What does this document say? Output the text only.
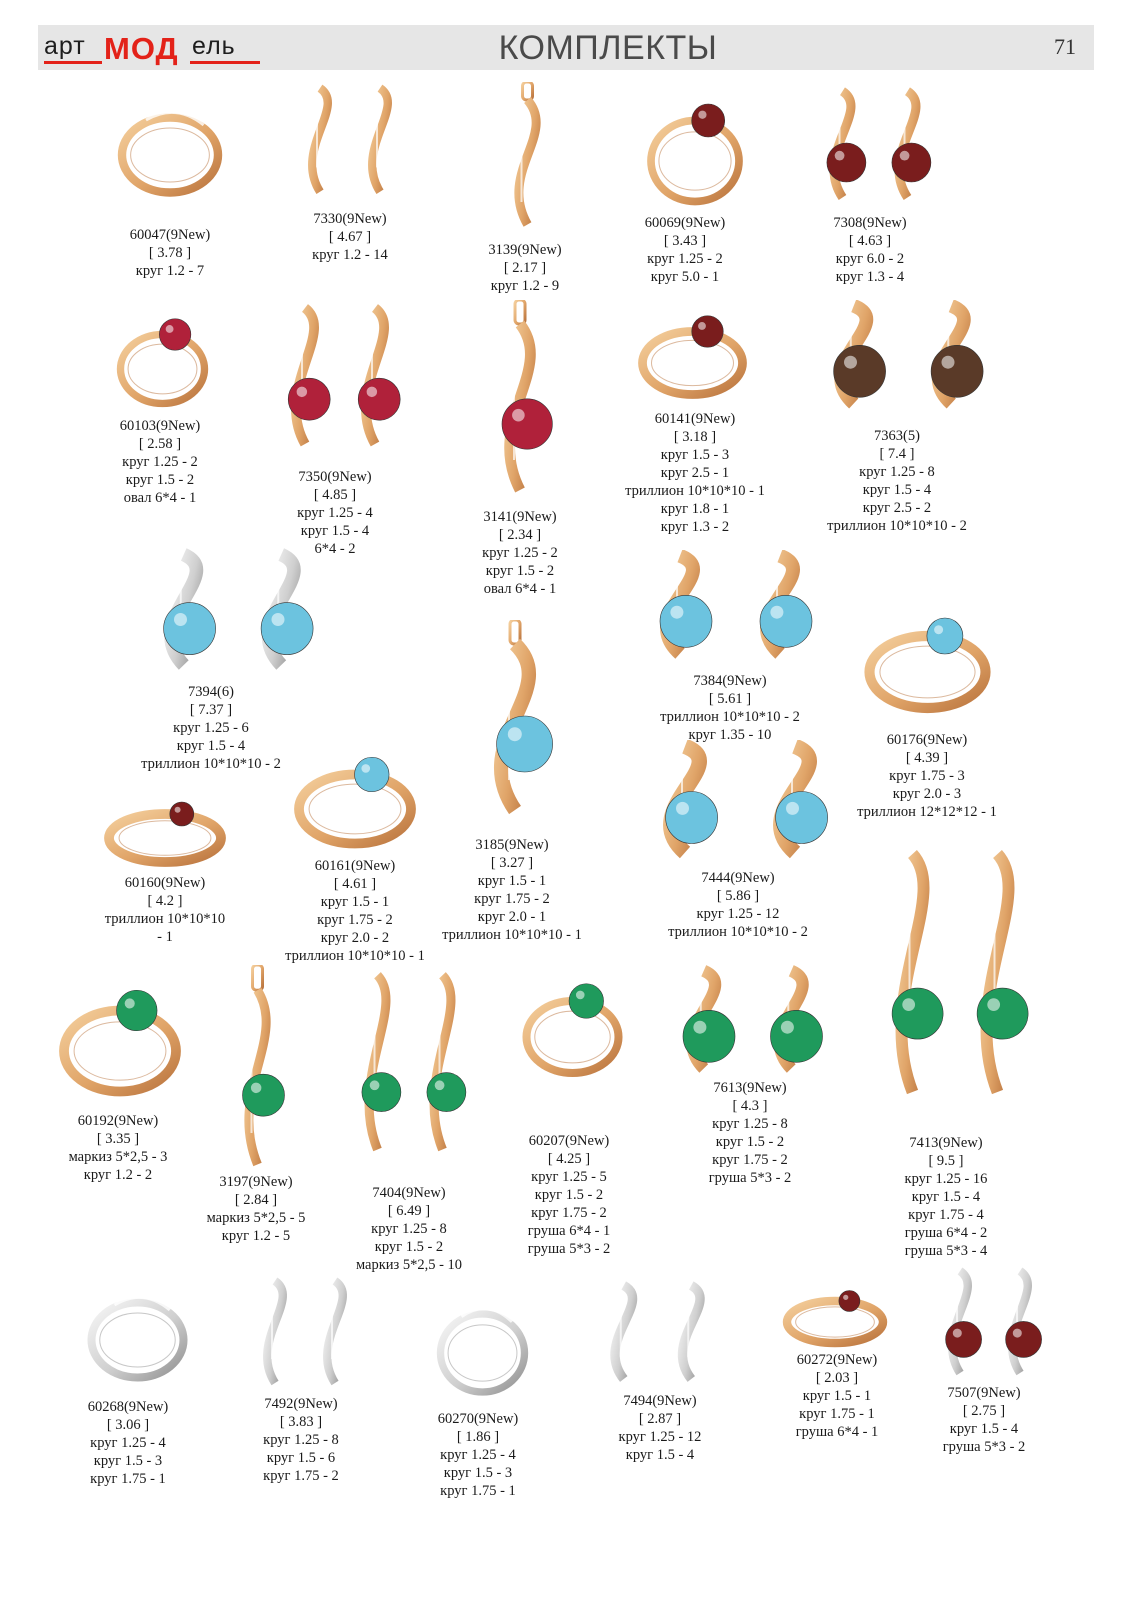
арт МОД ель	КОМПЛЕКТЫ	71
60047(9New)
[ 3.78 ]
круг 1.2 - 7
7330(9New)
[ 4.67 ]
круг 1.2 - 14	3139(9New)
[ 2.17 ]
круг 1.2 - 9
60069(9New)
[ 3.43 ]
круг 1.25 - 2
круг 5.0 - 1
7308(9New)
[ 4.63 ]
круг 6.0 - 2
круг 1.3 - 4
60103(9New)
[ 2.58 ]
круг 1.25 - 2
круг 1.5 - 2
овал 6*4 - 1
7350(9New)
[ 4.85 ]
круг 1.25 - 4
круг 1.5 - 4
6*4 - 2
3141(9New)
[ 2.34 ]
круг 1.25 - 2
круг 1.5 - 2
овал 6*4 - 1
60141(9New)
[ 3.18 ]
круг 1.5 - 3
круг 2.5 - 1
триллион 10*10*10 - 1
круг 1.8 - 1
круг 1.3 - 2
7363(5)
[ 7.4 ]
круг 1.25 - 8
круг 1.5 - 4
круг 2.5 - 2
триллион 10*10*10 - 2
7394(6)
[ 7.37 ]
круг 1.25 - 6
круг 1.5 - 4
триллион 10*10*10 - 2
3185(9New)
[ 3.27 ]
круг 1.5 - 1
круг 1.75 - 2
круг 2.0 - 1
триллион 10*10*10 - 1
7384(9New)
[ 5.61 ]
триллион 10*10*10 - 2
круг 1.35 - 10	60176(9New)
[ 4.39 ]
круг 1.75 - 3
круг 2.0 - 3
триллион 12*12*12 - 1
60160(9New)
[ 4.2 ]
триллион 10*10*10
- 1
60161(9New)
[ 4.61 ]
круг 1.5 - 1
круг 1.75 - 2
круг 2.0 - 2
триллион 10*10*10 - 1
7444(9New)
[ 5.86 ]
круг 1.25 - 12
триллион 10*10*10 - 2
60192(9New)
[ 3.35 ]
маркиз 5*2,5 - 3
круг 1.2 - 2	3197(9New)
[ 2.84 ]
маркиз 5*2,5 - 5
круг 1.2 - 5
7404(9New)
[ 6.49 ]
круг 1.25 - 8
круг 1.5 - 2
маркиз 5*2,5 - 10
60207(9New)
[ 4.25 ]
круг 1.25 - 5
круг 1.5 - 2
круг 1.75 - 2
груша 6*4 - 1
груша 5*3 - 2
7613(9New)
[ 4.3 ]
круг 1.25 - 8
круг 1.5 - 2
круг 1.75 - 2
груша 5*3 - 2
7413(9New)
[ 9.5 ]
круг 1.25 - 16
круг 1.5 - 4
круг 1.75 - 4
груша 6*4 - 2
груша 5*3 - 4
60268(9New)
[ 3.06 ]
круг 1.25 - 4
круг 1.5 - 3
круг 1.75 - 1
7492(9New)
[ 3.83 ]
круг 1.25 - 8
круг 1.5 - 6
круг 1.75 - 2
60270(9New)
[ 1.86 ]
круг 1.25 - 4
круг 1.5 - 3
круг 1.75 - 1
7494(9New)
[ 2.87 ]
круг 1.25 - 12
круг 1.5 - 4
60272(9New)
[ 2.03 ]
круг 1.5 - 1
круг 1.75 - 1
груша 6*4 - 1
7507(9New)
[ 2.75 ]
круг 1.5 - 4
груша 5*3 - 2
